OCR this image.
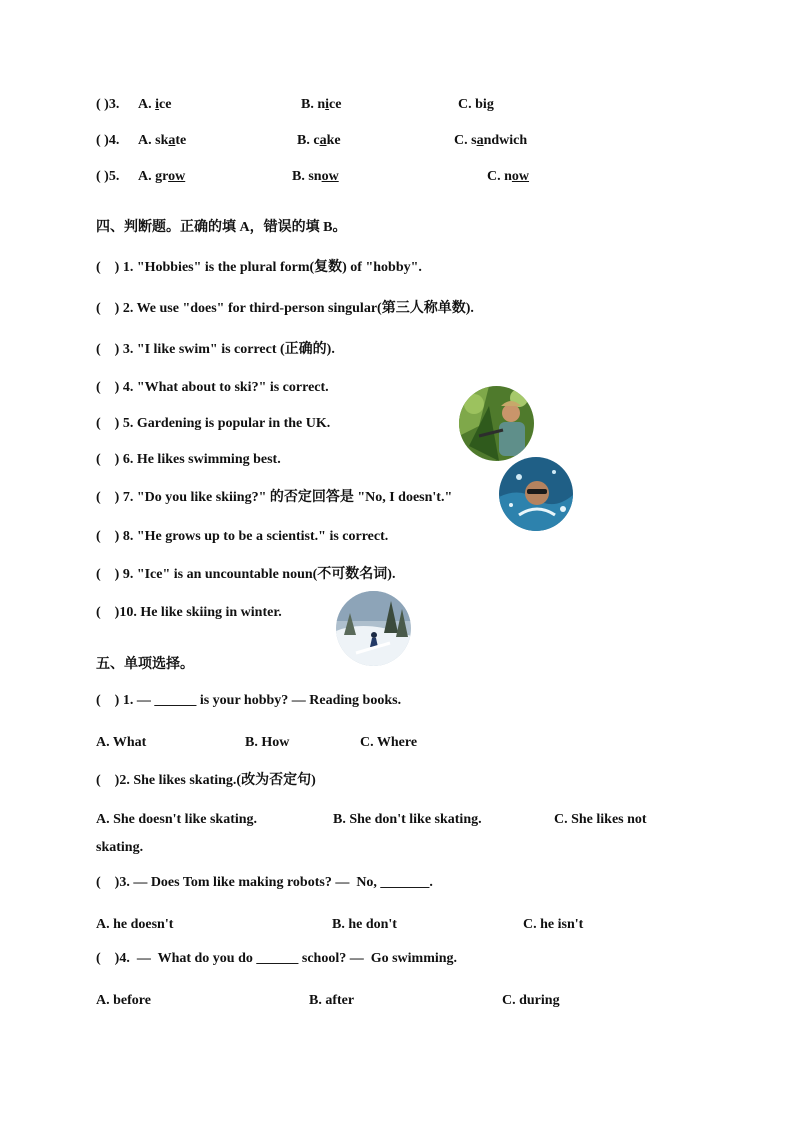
( )3. A. ice	B. nice	C. big
( )4. A. skate	B. cake	C. sandwich
( )5. A. grow	B. snow	C. now
四、判断题。正确的填 A，错误的填 B。
(    ) 1. "Hobbies" is the plural form(复数) of "hobby".
(    ) 2. We use "does" for third-person singular(第三人称单数).
(    ) 3. "I like swim" is correct (正确的).
(    ) 4. "What about to ski?" is correct.
(    ) 5. Gardening is popular in the UK.
(    ) 6. He likes swimming best.
(    ) 7. "Do you like skiing?" 的否定回答是 "No, I doesn't."
(    ) 8. "He grows up to be a scientist." is correct.
(    ) 9. "Ice" is an uncountable noun(不可数名词).
(    )10. He like skiing in winter.
五、单项选择。
(    ) 1. — ______ is your hobby? — Reading books.
A. What	B. How	C. Where
(    )2. She likes skating.(改为否定句)
A. She doesn't like skating.	B. She don't like skating.	C. She likes not
skating.
(    )3. — Does Tom like making robots? —  No, _______.
A. he doesn't	B. he don't	C. he isn't
(    )4.  —  What do you do ______ school? —  Go swimming.
A. before	B. after	C. during
